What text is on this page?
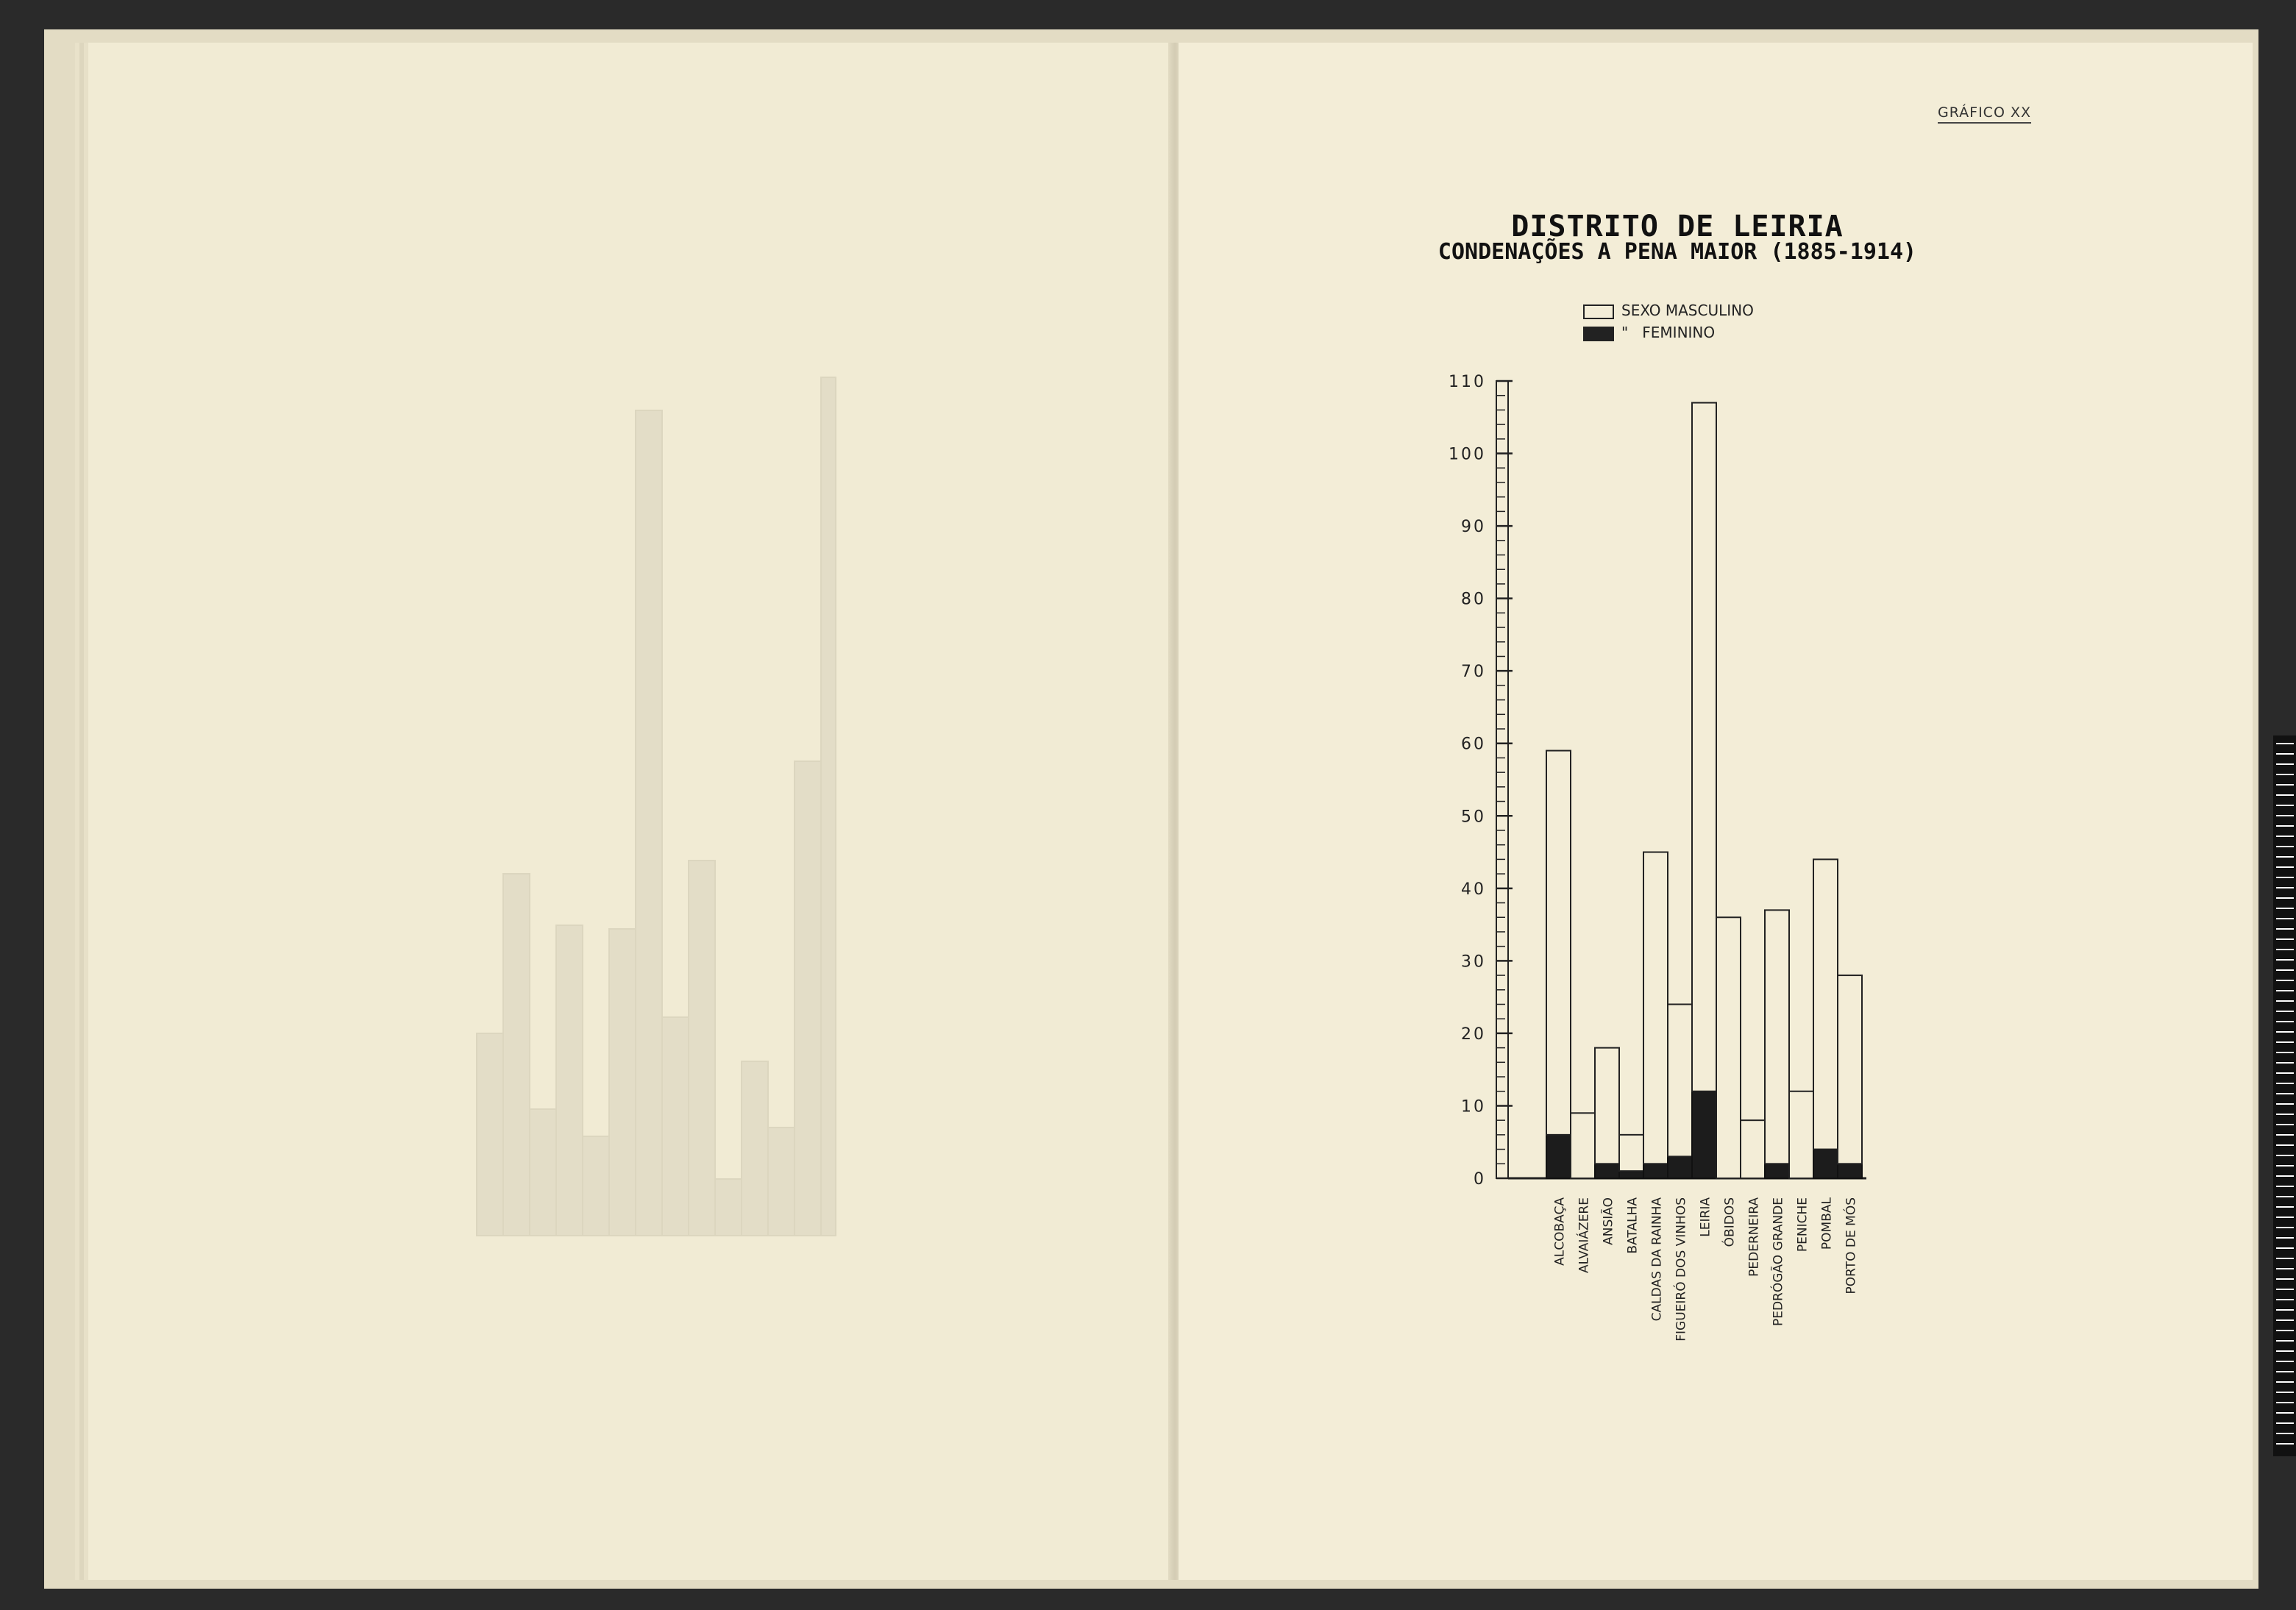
GRÁFICO XX
DISTRITO DE LEIRIA
CONDENAÇÕES A PENA MAIOR (1885-1914)
SEXO MASCULINO
"   FEMININO
0
10
20
30
40
50
60
70
80
90
100
110
ALCOBAÇA ALVAIÁZERE ANSIÃO BATALHA CALDAS DA RAINHA FIGUEIRÓ DOS VINHOS LEIRIA ÓBIDOS PEDERNEIRA PEDRÓGÃO GRANDE PENICHE POMBAL PORTO DE MÓS
